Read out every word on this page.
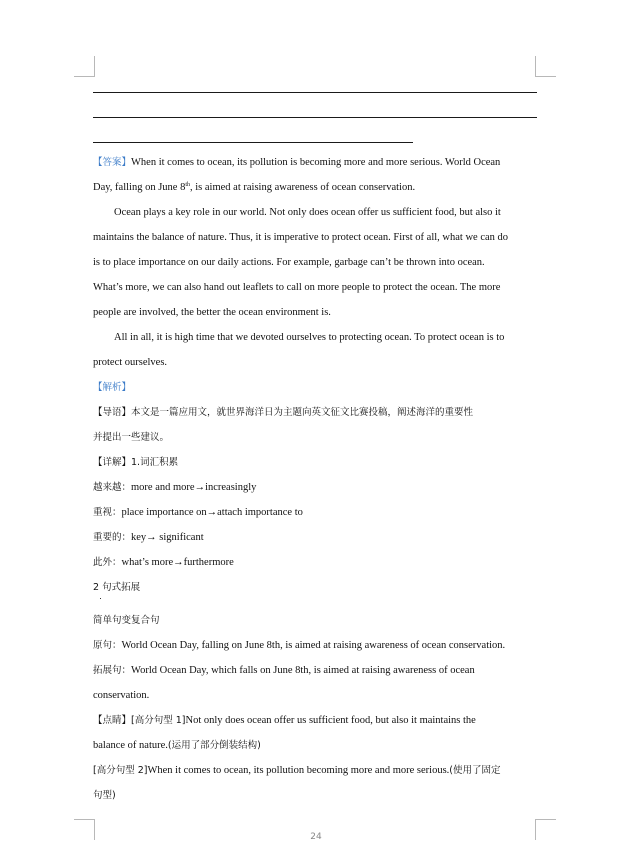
【答案】When it comes to ocean, its pollution is becoming more and more serious. World Ocean
Day, falling on June 8th, is aimed at raising awareness of ocean conservation.
Ocean plays a key role in our world. Not only does ocean offer us sufficient food, but also it
maintains the balance of nature. Thus, it is imperative to protect ocean. First of all, what we can do
is to place importance on our daily actions. For example, garbage can’t be thrown into ocean.
What’s more, we can also hand out leaflets to call on more people to protect the ocean. The more
people are involved, the better the ocean environment is.
All in all, it is high time that we devoted ourselves to protecting ocean. To protect ocean is to
protect ourselves.
【解析】
【导语】本文是一篇应用文，就世界海洋日为主题向英文征文比赛投稿，阐述海洋的重要性
并提出一些建议。
【详解】1.词汇积累
越来越：more and more→increasingly
重视：place importance on→attach importance to
重要的：key→ significant
此外：what’s more→furthermore
2 句式拓展
简单句变复合句
原句：World Ocean Day, falling on June 8th, is aimed at raising awareness of ocean conservation.
拓展句：World Ocean Day, which falls on June 8th, is aimed at raising awareness of ocean
conservation.
【点睛】[高分句型 1]Not only does ocean offer us sufficient food, but also it maintains the
balance of nature.(运用了部分倒装结构)
[高分句型 2]When it comes to ocean, its pollution becoming more and more serious.(使用了固定
句型)
24
